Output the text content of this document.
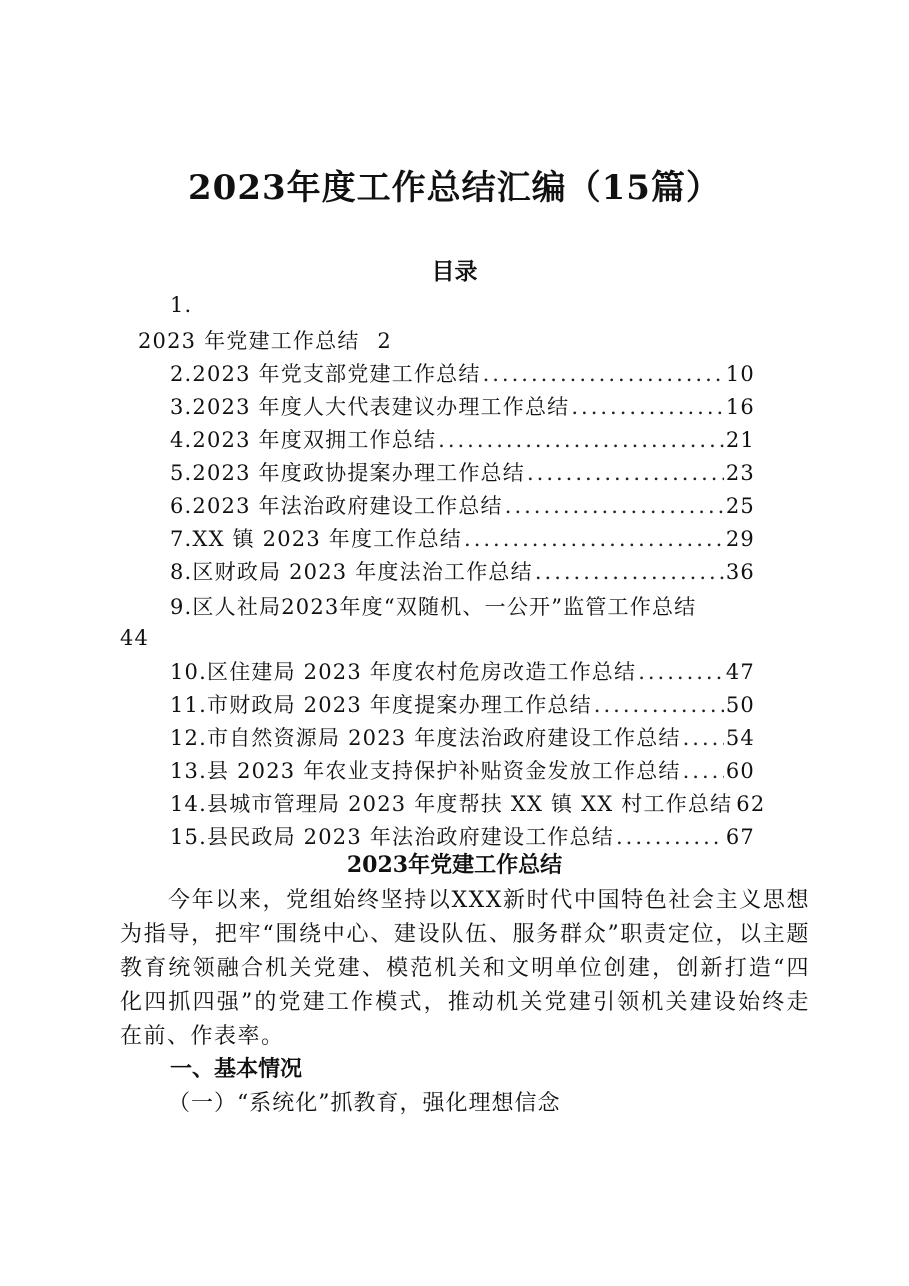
2023年度工作总结汇编（15篇）
目录
1.
2023 年党建工作总结 2
2.2023 年党支部党建工作总结 .....	10
3.2023 年度人大代表建议办理工作总结 .....	16
4.2023 年度双拥工作总结 .....	21
5.2023 年度政协提案办理工作总结 .....	23
6.2023 年法治政府建设工作总结 .....	25
7.XX 镇 2023 年度工作总结 .....	29
8.区财政局 2023 年度法治工作总结 .....	36
9.区人社局2023年度“双随机、一公开”监管工作总结
44
10.区住建局 2023 年度农村危房改造工作总结 .....	47
11.市财政局 2023 年度提案办理工作总结 .....	50
12.市自然资源局 2023 年度法治政府建设工作总结 ..... 54
13.县 2023 年农业支持保护补贴资金发放工作总结 ..... 60
14.县城市管理局 2023 年度帮扶 XX 镇 XX 村工作总结 62
15.县民政局 2023 年法治政府建设工作总结 .....	67
2023年党建工作总结
今年以来，党组始终坚持以XXX新时代中国特色社会主义思想为指导，把牢“围绕中心、建设队伍、服务群众”职责定位，以主题教育统领融合机关党建、模范机关和文明单位创建，创新打造“四化四抓四强”的党建工作模式，推动机关党建引领机关建设始终走在前、作表率。
一、基本情况
（一）“系统化”抓教育，强化理想信念
